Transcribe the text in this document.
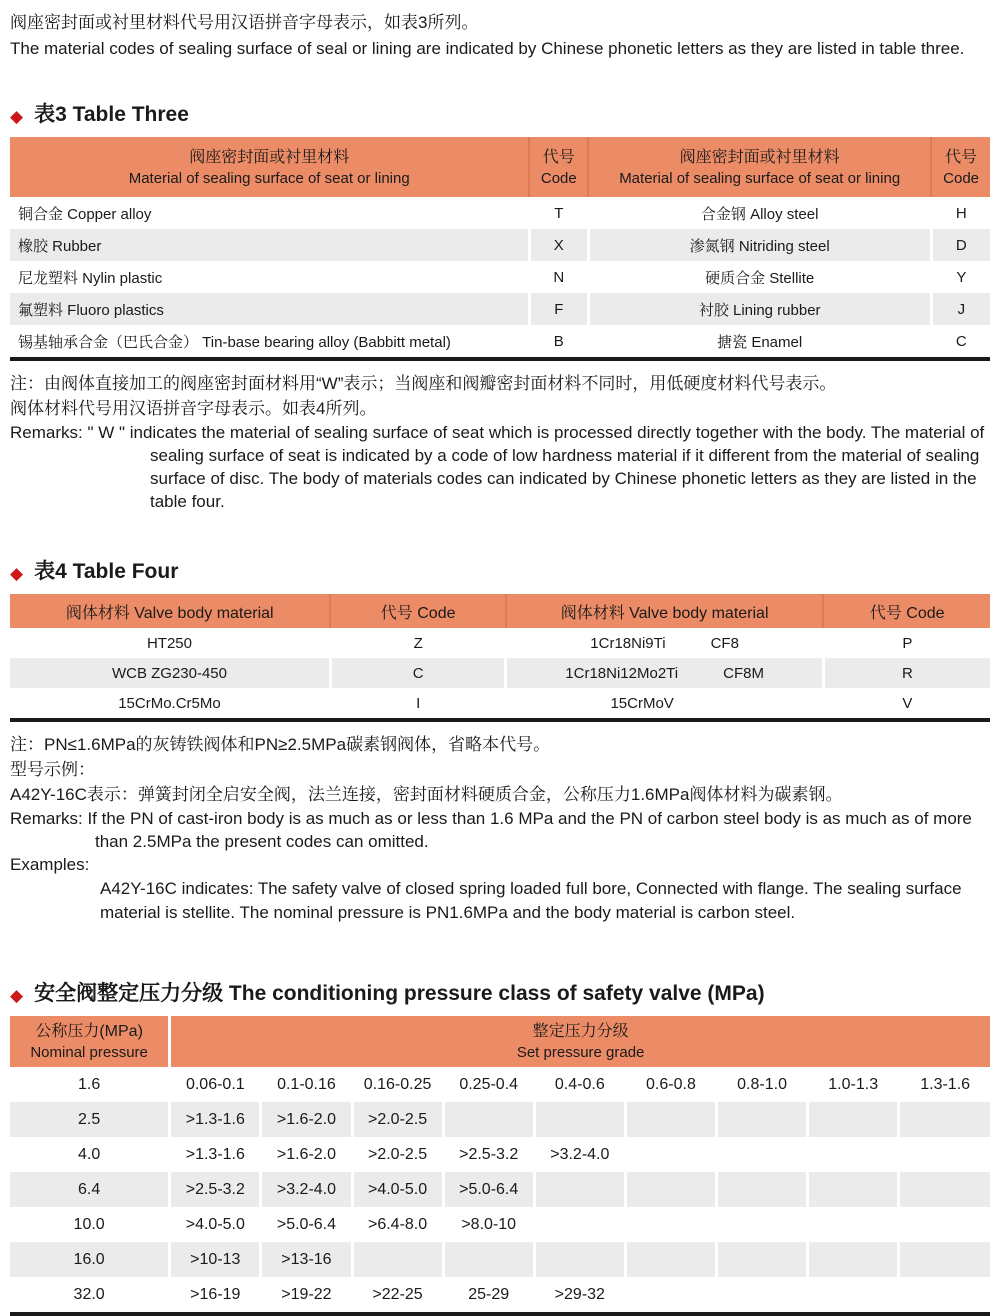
阀座密封面或衬里材料代号用汉语拼音字母表示，如表3所列。

The material codes of sealing surface of seal or lining are indicated by Chinese phonetic letters as they are listed in table three.

◆ 表3 Table Three
阀座密封面或衬里材料
Material of sealing surface of seat or lining

代号
Code

阀座密封面或衬里材料
Material of sealing surface of seat or lining

代号
Code

铜合金 Copper alloy	T	合金钢 Alloy steel	H
橡胶 Rubber	X	渗氮钢 Nitriding steel	D
尼龙塑料 Nylin plastic	N	硬质合金 Stellite	Y
氟塑料 Fluoro plastics	F	衬胶 Lining rubber	J
锡基轴承合金（巴氏合金） Tin-base bearing alloy (Babbitt metal)	B	搪瓷 Enamel	C

注：由阀体直接加工的阀座密封面材料用“W”表示；当阀座和阀瓣密封面材料不同时，用低硬度材料代号表示。

阀体材料代号用汉语拼音字母表示。如表4所列。

Remarks: " W " indicates the material of sealing surface of seat which is processed directly together with the body. The material of sealing surface of seat is indicated by a code of low hardness material if it different from the material of sealing surface of disc. The body of materials codes can indicated by Chinese phonetic letters as they are listed in the table four.

◆ 表4 Table Four
阀体材料 Valve body material	代号 Code	阀体材料 Valve body material	代号 Code
HT250	Z	1Cr18Ni9Ti CF8	P
WCB ZG230-450	C	1Cr18Ni12Mo2Ti CF8M	R
15CrMo.Cr5Mo	I	15CrMoV	V

注：PN≤1.6MPa的灰铸铁阀体和PN≥2.5MPa碳素钢阀体，省略本代号。

型号示例：

A42Y-16C表示：弹簧封闭全启安全阀，法兰连接，密封面材料硬质合金，公称压力1.6MPa阀体材料为碳素钢。

Remarks: If the PN of cast-iron body is as much as or less than 1.6 MPa and the PN of carbon steel body is as much as of more than 2.5MPa the present codes can omitted.

Examples:

A42Y-16C indicates: The safety valve of closed spring loaded full bore, Connected with flange. The sealing surface material is stellite. The nominal pressure is PN1.6MPa and the body material is carbon steel.

◆ 安全阀整定压力分级 The conditioning pressure class of safety valve (MPa)
公称压力(MPa)
Nominal pressure

整定压力分级
Set pressure grade

1.6	0.06-0.1	0.1-0.16	0.16-0.25	0.25-0.4	0.4-0.6	0.6-0.8	0.8-1.0	1.0-1.3	1.3-1.6
2.5	>1.3-1.6	>1.6-2.0	>2.0-2.5						
4.0	>1.3-1.6	>1.6-2.0	>2.0-2.5	>2.5-3.2	>3.2-4.0				
6.4	>2.5-3.2	>3.2-4.0	>4.0-5.0	>5.0-6.4					
10.0	>4.0-5.0	>5.0-6.4	>6.4-8.0	>8.0-10					
16.0	>10-13	>13-16							
32.0	>16-19	>19-22	>22-25	25-29	>29-32				
